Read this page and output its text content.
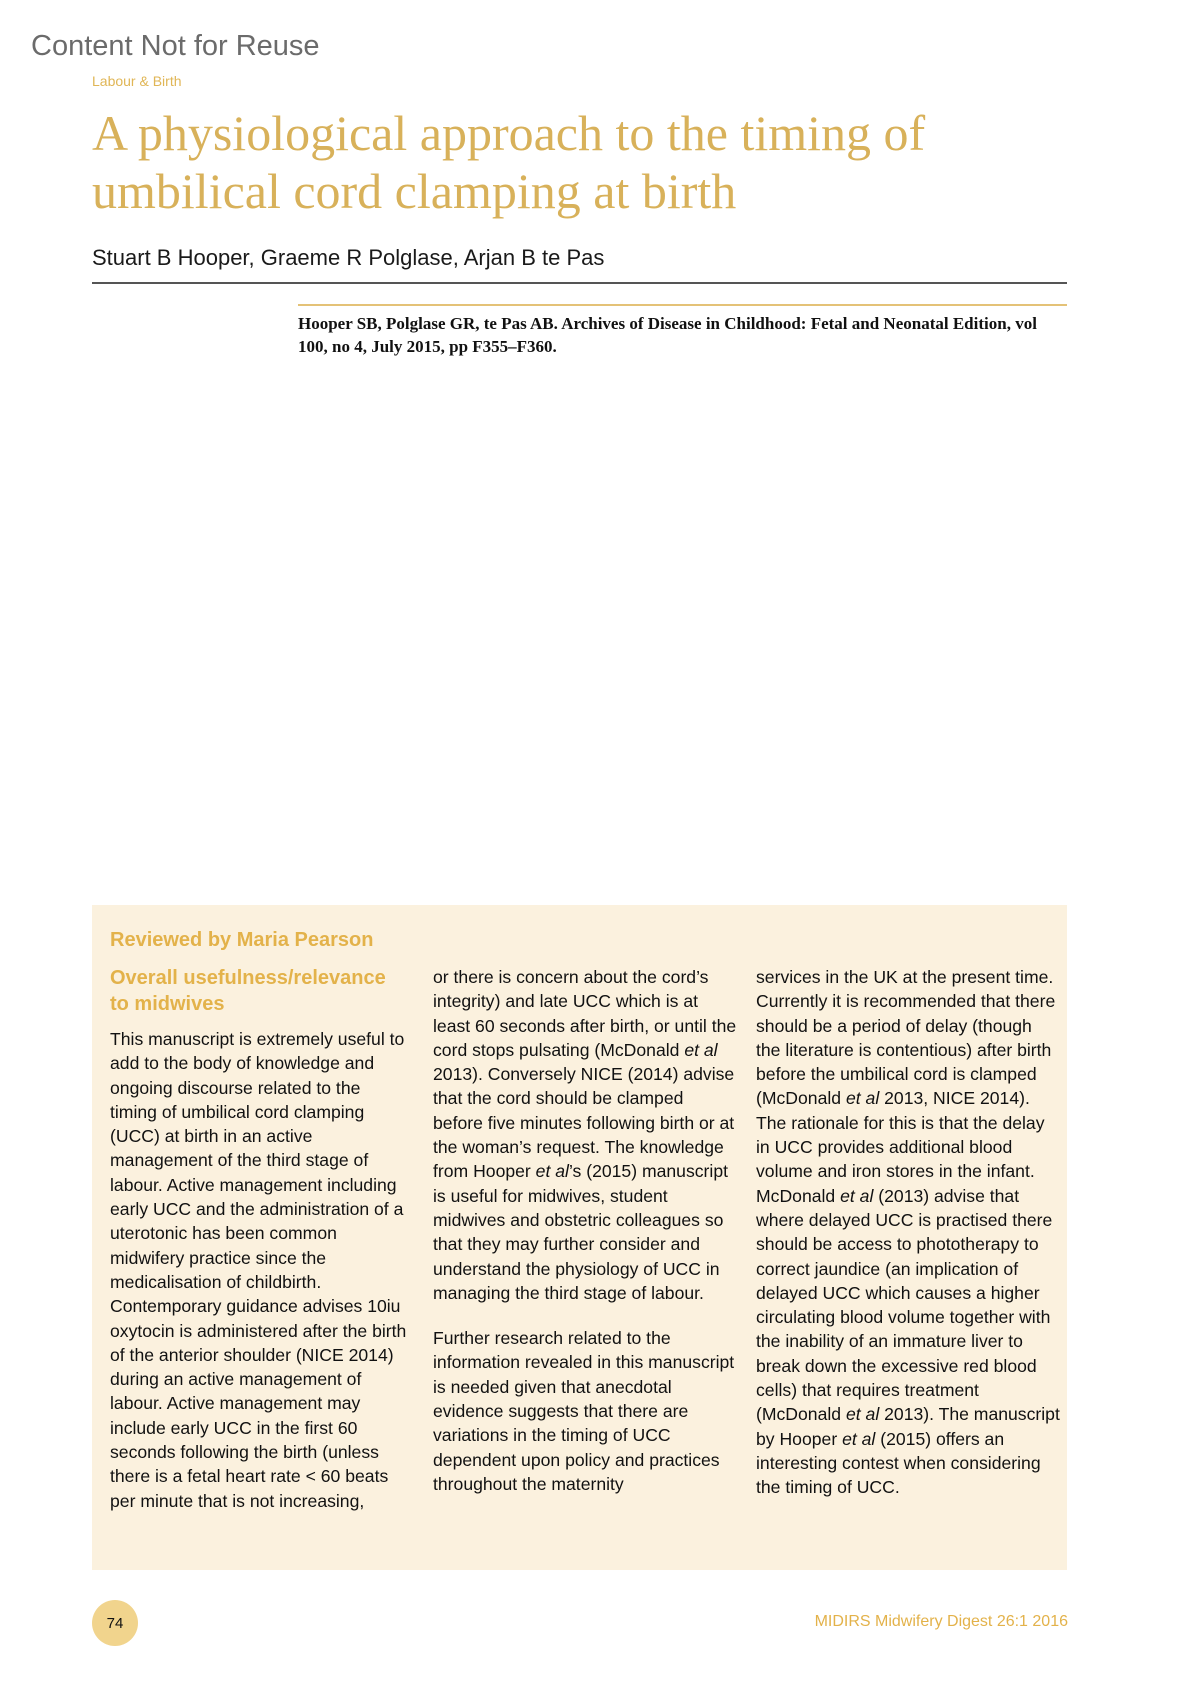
Content Not for Reuse
Labour & Birth
A physiological approach to the timing of umbilical cord clamping at birth
Stuart B Hooper, Graeme R Polglase, Arjan B te Pas
Hooper SB, Polglase GR, te Pas AB. Archives of Disease in Childhood: Fetal and Neonatal Edition, vol 100, no 4, July 2015, pp F355–F360.
Reviewed by Maria Pearson
Overall usefulness/relevance to midwives

This manuscript is extremely useful to add to the body of knowledge and ongoing discourse related to the timing of umbilical cord clamping (UCC) at birth in an active management of the third stage of labour. Active management including early UCC and the administration of a uterotonic has been common midwifery practice since the medicalisation of childbirth. Contemporary guidance advises 10iu oxytocin is administered after the birth of the anterior shoulder (NICE 2014) during an active management of labour. Active management may include early UCC in the first 60 seconds following the birth (unless there is a fetal heart rate < 60 beats per minute that is not increasing,

or there is concern about the cord’s integrity) and late UCC which is at least 60 seconds after birth, or until the cord stops pulsating (McDonald et al 2013). Conversely NICE (2014) advise that the cord should be clamped before five minutes following birth or at the woman’s request. The knowledge from Hooper et al’s (2015) manuscript is useful for midwives, student midwives and obstetric colleagues so that they may further consider and understand the physiology of UCC in managing the third stage of labour.

Further research related to the information revealed in this manuscript is needed given that anecdotal evidence suggests that there are variations in the timing of UCC dependent upon policy and practices throughout the maternity

services in the UK at the present time. Currently it is recommended that there should be a period of delay (though the literature is contentious) after birth before the umbilical cord is clamped (McDonald et al 2013, NICE 2014). The rationale for this is that the delay in UCC provides additional blood volume and iron stores in the infant. McDonald et al (2013) advise that where delayed UCC is practised there should be access to phototherapy to correct jaundice (an implication of delayed UCC which causes a higher circulating blood volume together with the inability of an immature liver to break down the excessive red blood cells) that requires treatment (McDonald et al 2013). The manuscript by Hooper et al (2015) offers an interesting contest when considering the timing of UCC.

74	MIDIRS Midwifery Digest 26:1 2016
